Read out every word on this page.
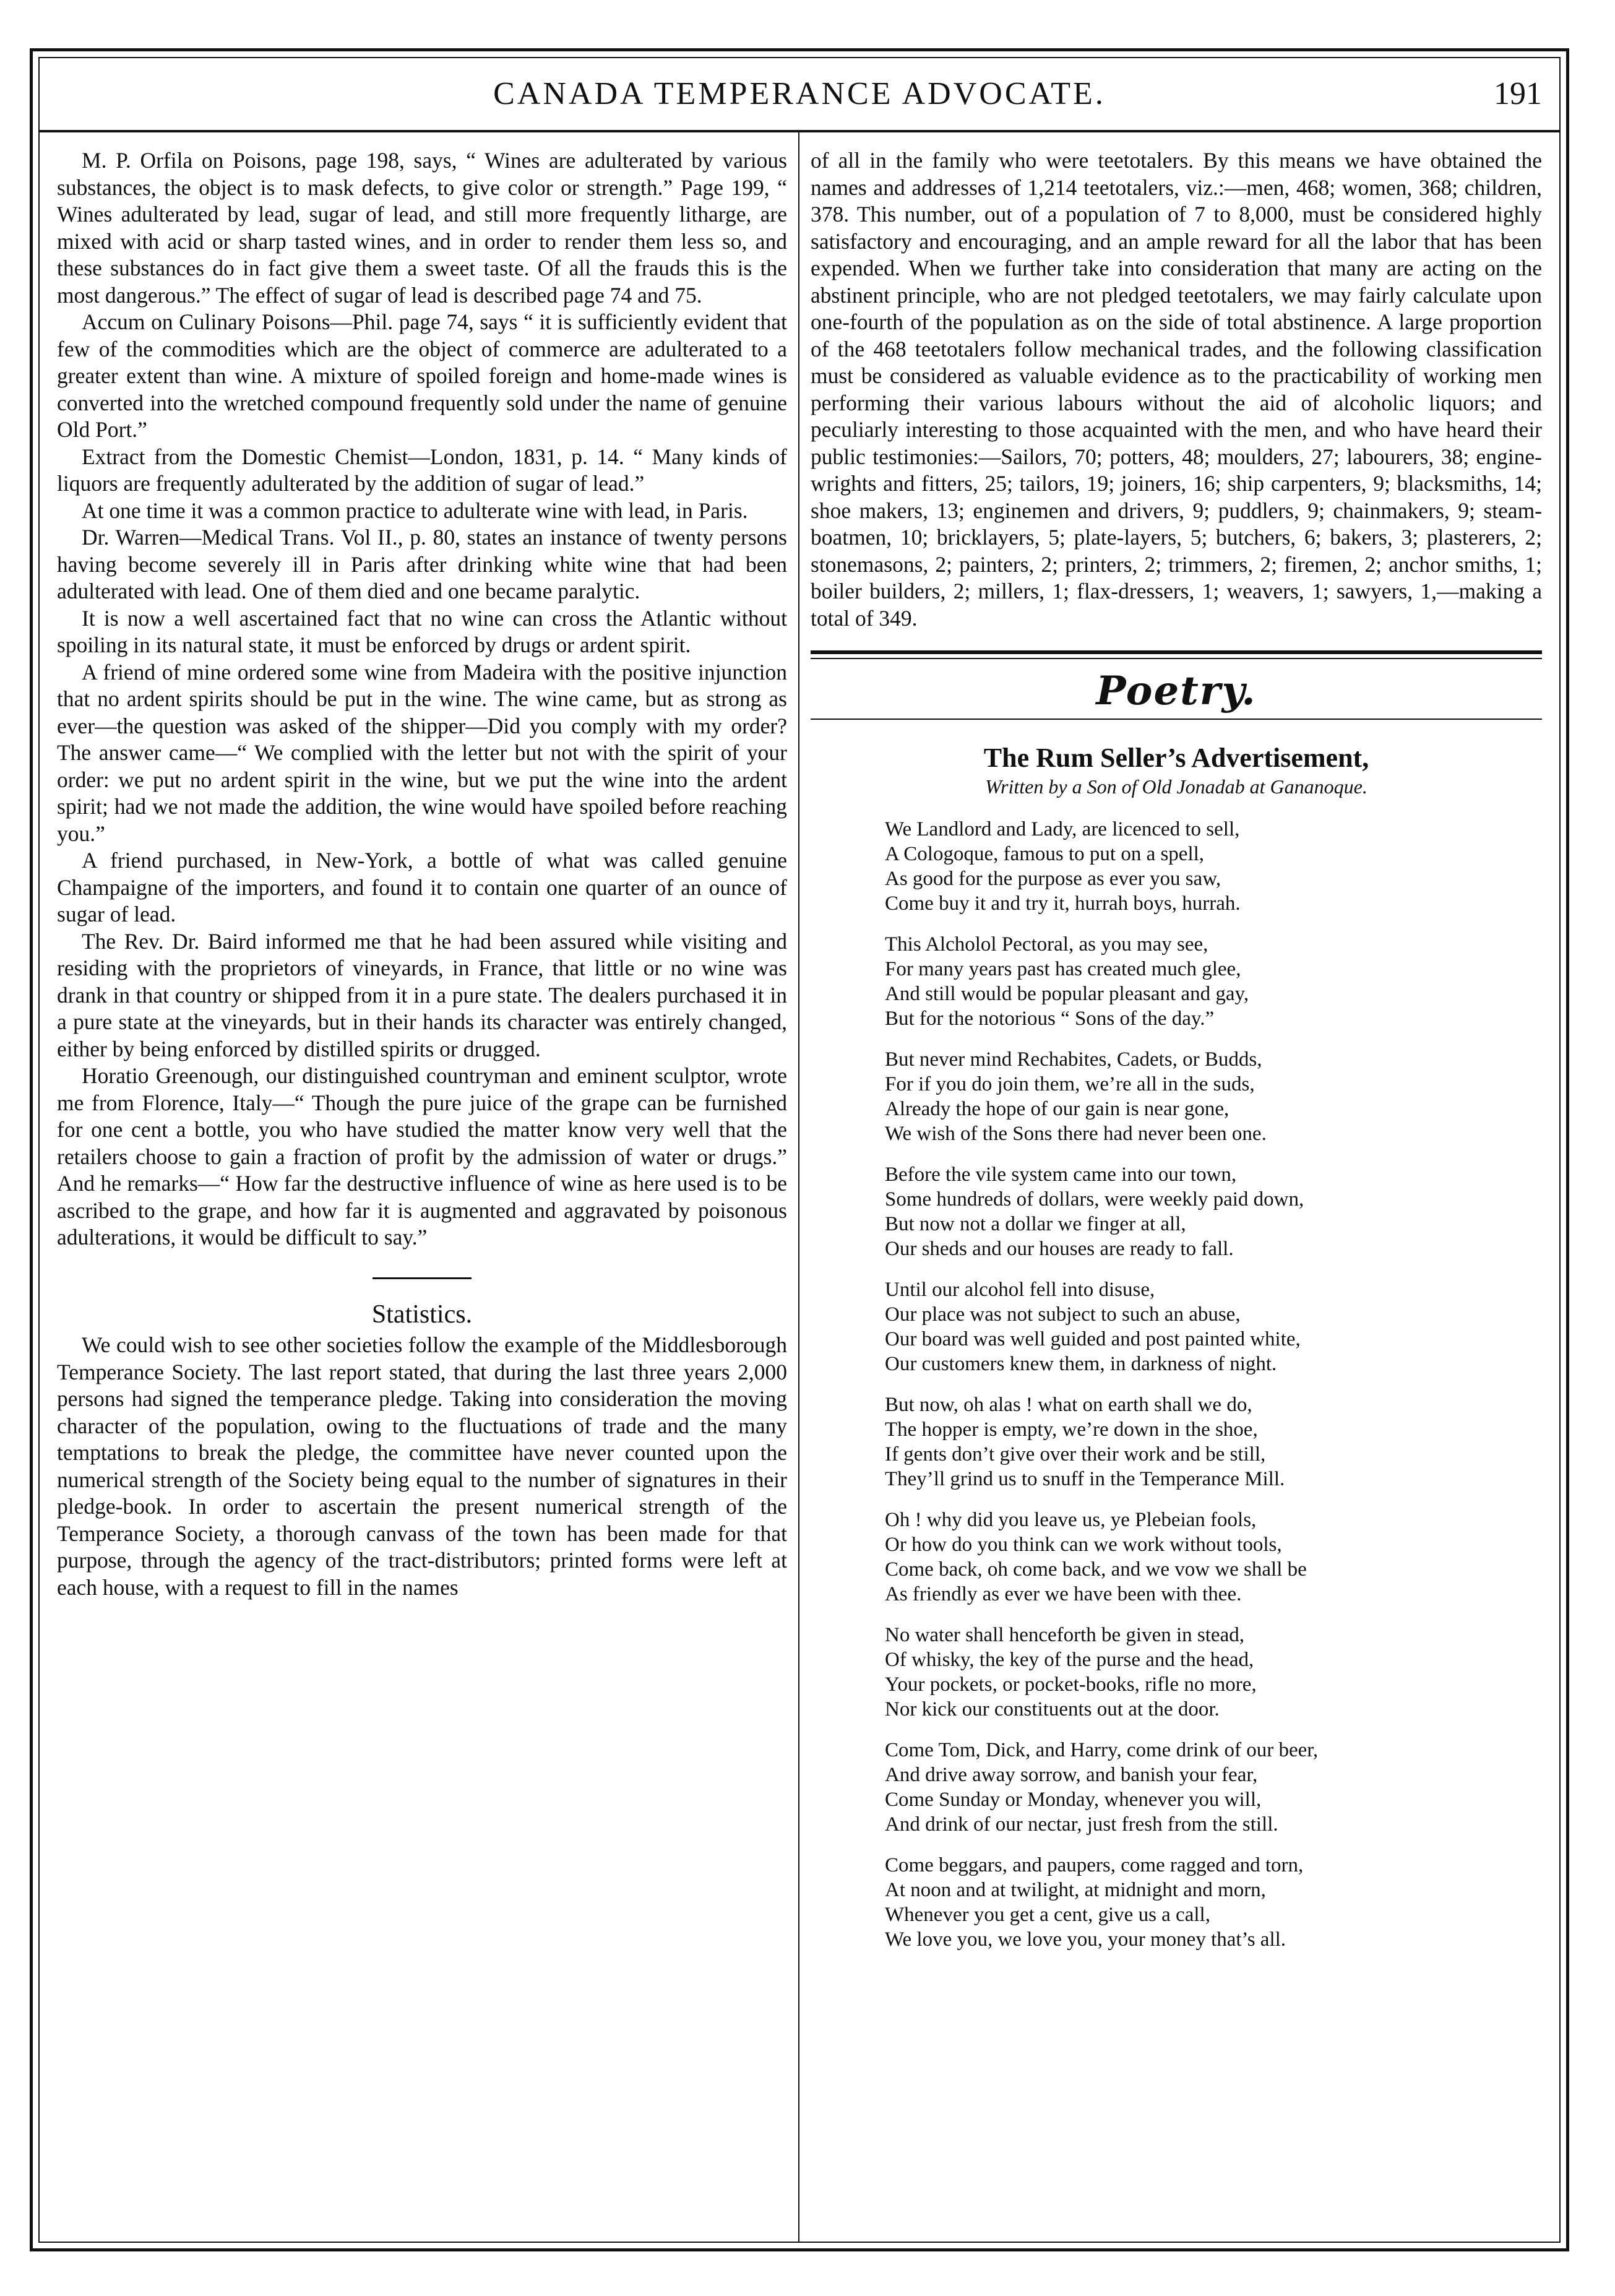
CANADA TEMPERANCE ADVOCATE.	191

M. P. Orfila on Poisons, page 198, says, “ Wines are adulterated by various substances, the object is to mask defects, to give color or strength.” Page 199, “ Wines adulterated by lead, sugar of lead, and still more frequently litharge, are mixed with acid or sharp tasted wines, and in order to render them less so, and these substances do in fact give them a sweet taste. Of all the frauds this is the most dangerous.” The effect of sugar of lead is described page 74 and 75.

Accum on Culinary Poisons—Phil. page 74, says “ it is sufficiently evident that few of the commodities which are the object of commerce are adulterated to a greater extent than wine. A mixture of spoiled foreign and home-made wines is converted into the wretched compound frequently sold under the name of genuine Old Port.”

Extract from the Domestic Chemist—London, 1831, p. 14. “ Many kinds of liquors are frequently adulterated by the addition of sugar of lead.”

At one time it was a common practice to adulterate wine with lead, in Paris.

Dr. Warren—Medical Trans. Vol II., p. 80, states an instance of twenty persons having become severely ill in Paris after drinking white wine that had been adulterated with lead. One of them died and one became paralytic.

It is now a well ascertained fact that no wine can cross the Atlantic without spoiling in its natural state, it must be enforced by drugs or ardent spirit.

A friend of mine ordered some wine from Madeira with the positive injunction that no ardent spirits should be put in the wine. The wine came, but as strong as ever—the question was asked of the shipper—Did you comply with my order? The answer came—“ We complied with the letter but not with the spirit of your order: we put no ardent spirit in the wine, but we put the wine into the ardent spirit; had we not made the addition, the wine would have spoiled before reaching you.”

A friend purchased, in New-York, a bottle of what was called genuine Champaigne of the importers, and found it to contain one quarter of an ounce of sugar of lead.

The Rev. Dr. Baird informed me that he had been assured while visiting and residing with the proprietors of vineyards, in France, that little or no wine was drank in that country or shipped from it in a pure state. The dealers purchased it in a pure state at the vineyards, but in their hands its character was entirely changed, either by being enforced by distilled spirits or drugged.

Horatio Greenough, our distinguished countryman and eminent sculptor, wrote me from Florence, Italy—“ Though the pure juice of the grape can be furnished for one cent a bottle, you who have studied the matter know very well that the retailers choose to gain a fraction of profit by the admission of water or drugs.” And he remarks—“ How far the destructive influence of wine as here used is to be ascribed to the grape, and how far it is augmented and aggravated by poisonous adulterations, it would be difficult to say.”

Statistics.

We could wish to see other societies follow the example of the Middlesborough Temperance Society. The last report stated, that during the last three years 2,000 persons had signed the temperance pledge. Taking into consideration the moving character of the population, owing to the fluctuations of trade and the many temptations to break the pledge, the committee have never counted upon the numerical strength of the Society being equal to the number of signatures in their pledge-book. In order to ascertain the present numerical strength of the Temperance Society, a thorough canvass of the town has been made for that purpose, through the agency of the tract-distributors; printed forms were left at each house, with a request to fill in the names

of all in the family who were teetotalers. By this means we have obtained the names and addresses of 1,214 teetotalers, viz.:—men, 468; women, 368; children, 378. This number, out of a population of 7 to 8,000, must be considered highly satisfactory and encouraging, and an ample reward for all the labor that has been expended. When we further take into consideration that many are acting on the abstinent principle, who are not pledged teetotalers, we may fairly calculate upon one-fourth of the population as on the side of total abstinence. A large proportion of the 468 teetotalers follow mechanical trades, and the following classification must be considered as valuable evidence as to the practicability of working men performing their various labours without the aid of alcoholic liquors; and peculiarly interesting to those acquainted with the men, and who have heard their public testimonies:—Sailors, 70; potters, 48; moulders, 27; labourers, 38; engine-wrights and fitters, 25; tailors, 19; joiners, 16; ship carpenters, 9; blacksmiths, 14; shoe makers, 13; enginemen and drivers, 9; puddlers, 9; chainmakers, 9; steam-boatmen, 10; bricklayers, 5; plate-layers, 5; butchers, 6; bakers, 3; plasterers, 2; stonemasons, 2; painters, 2; printers, 2; trimmers, 2; firemen, 2; anchor smiths, 1; boiler builders, 2; millers, 1; flax-dressers, 1; weavers, 1; sawyers, 1,—making a total of 349.

Poetry.
The Rum Seller’s Advertisement,
Written by a Son of Old Jonadab at Gananoque.
We Landlord and Lady, are licenced to sell,
A Cologoque, famous to put on a spell,
As good for the purpose as ever you saw,
Come buy it and try it, hurrah boys, hurrah.
This Alcholol Pectoral, as you may see,
For many years past has created much glee,
And still would be popular pleasant and gay,
But for the notorious “ Sons of the day.”
But never mind Rechabites, Cadets, or Budds,
For if you do join them, we’re all in the suds,
Already the hope of our gain is near gone,
We wish of the Sons there had never been one.
Before the vile system came into our town,
Some hundreds of dollars, were weekly paid down,
But now not a dollar we finger at all,
Our sheds and our houses are ready to fall.
Until our alcohol fell into disuse,
Our place was not subject to such an abuse,
Our board was well guided and post painted white,
Our customers knew them, in darkness of night.
But now, oh alas ! what on earth shall we do,
The hopper is empty, we’re down in the shoe,
If gents don’t give over their work and be still,
They’ll grind us to snuff in the Temperance Mill.
Oh ! why did you leave us, ye Plebeian fools,
Or how do you think can we work without tools,
Come back, oh come back, and we vow we shall be
As friendly as ever we have been with thee.
No water shall henceforth be given in stead,
Of whisky, the key of the purse and the head,
Your pockets, or pocket-books, rifle no more,
Nor kick our constituents out at the door.
Come Tom, Dick, and Harry, come drink of our beer,
And drive away sorrow, and banish your fear,
Come Sunday or Monday, whenever you will,
And drink of our nectar, just fresh from the still.
Come beggars, and paupers, come ragged and torn,
At noon and at twilight, at midnight and morn,
Whenever you get a cent, give us a call,
We love you, we love you, your money that’s all.
